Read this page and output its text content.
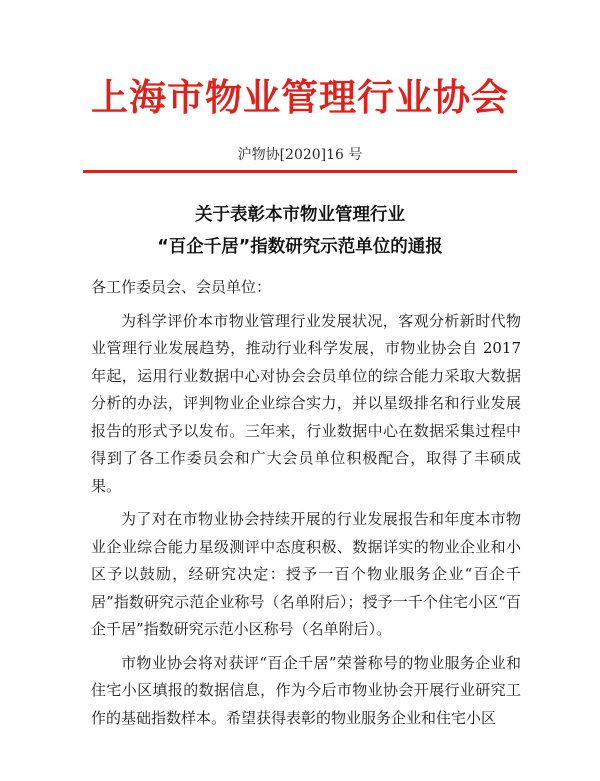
上海市物业管理行业协会
沪物协[2020]16 号
关于表彰本市物业管理行业
“百企千居”指数研究示范单位的通报

各工作委员会、会员单位：

为科学评价本市物业管理行业发展状况，客观分析新时代物业管理行业发展趋势，推动行业科学发展，市物业协会自 2017 年起，运用行业数据中心对协会会员单位的综合能力采取大数据分析的办法，评判物业企业综合实力，并以星级排名和行业发展报告的形式予以发布。三年来，行业数据中心在数据采集过程中得到了各工作委员会和广大会员单位积极配合，取得了丰硕成果。

为了对在市物业协会持续开展的行业发展报告和年度本市物业企业综合能力星级测评中态度积极、数据详实的物业企业和小区予以鼓励，经研究决定：授予一百个物业服务企业“百企千居”指数研究示范企业称号（名单附后）；授予一千个住宅小区“百企千居”指数研究示范小区称号（名单附后）。

市物业协会将对获评“百企千居”荣誉称号的物业服务企业和住宅小区填报的数据信息，作为今后市物业协会开展行业研究工作的基础指数样本。希望获得表彰的物业服务企业和住宅小区
